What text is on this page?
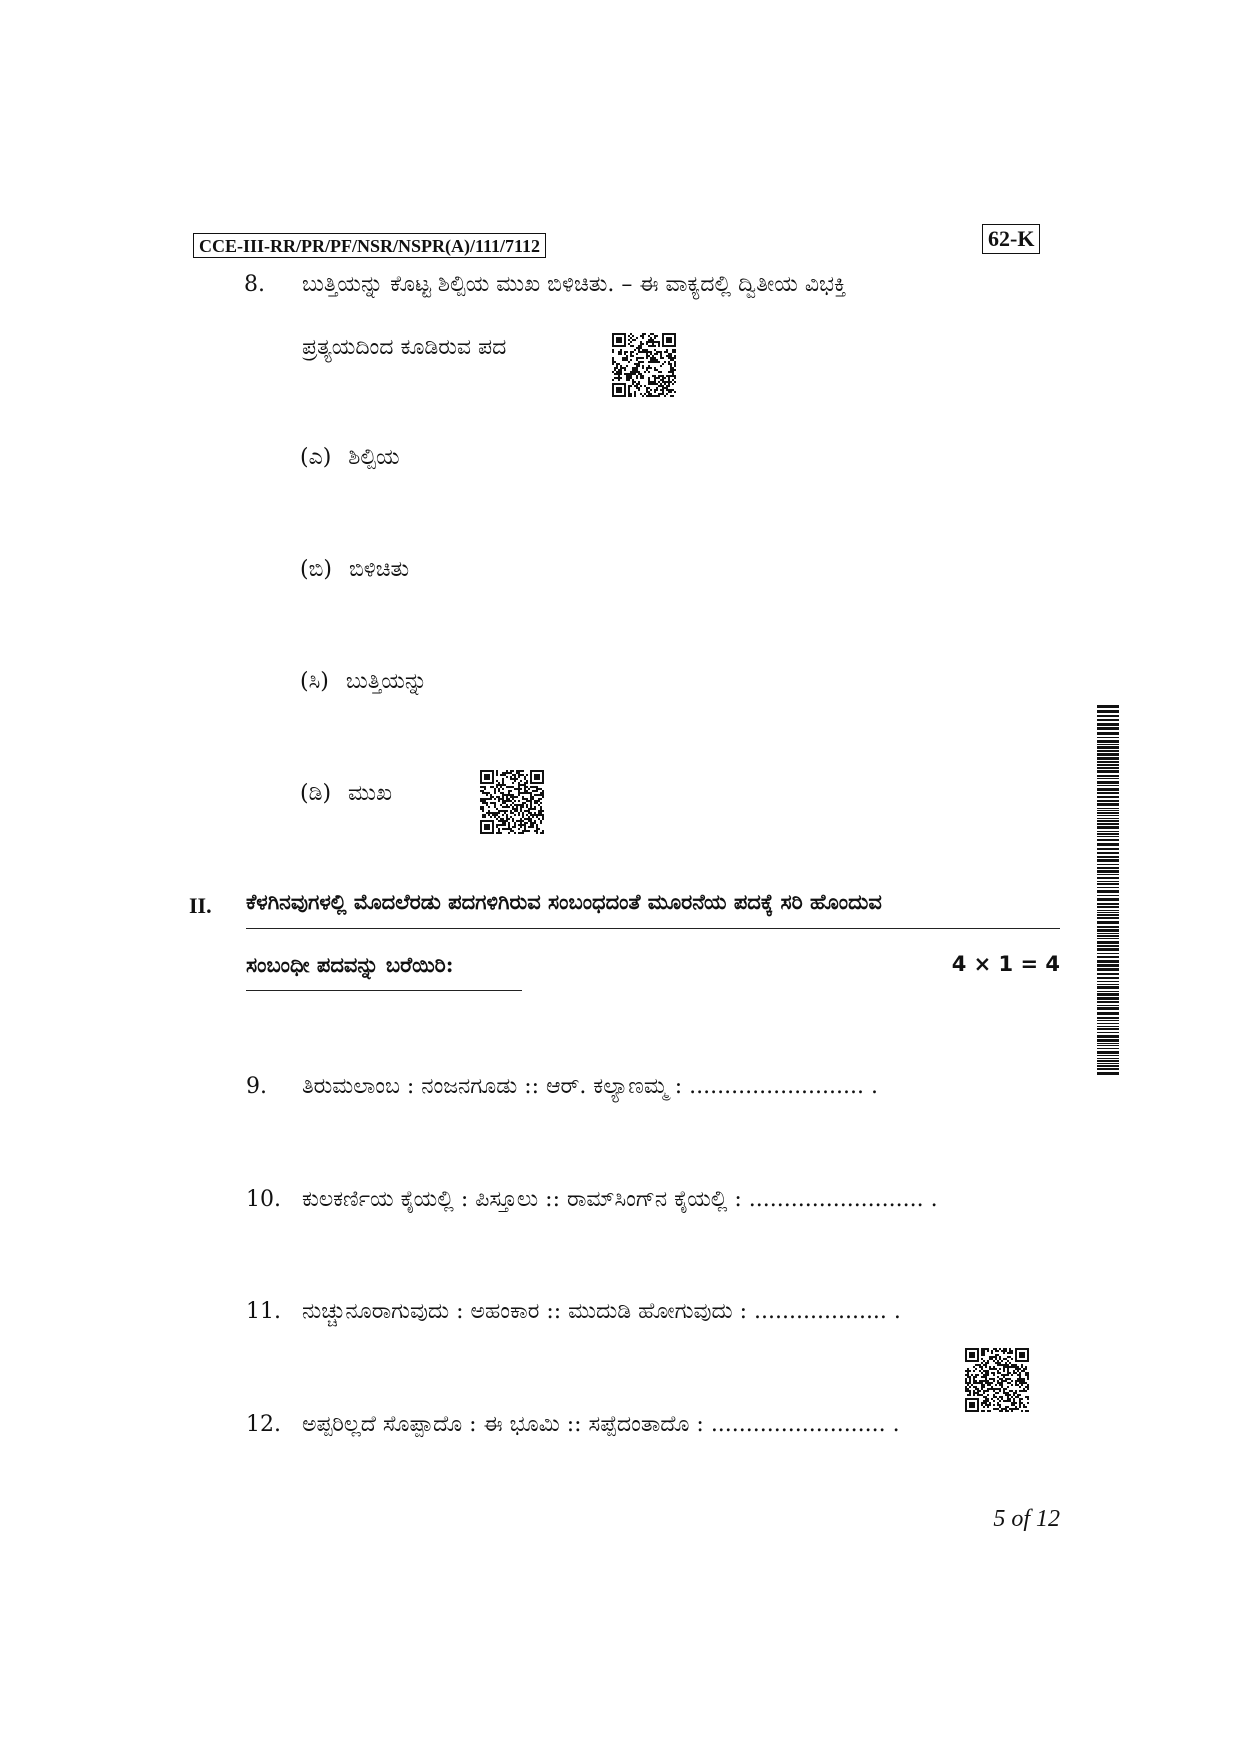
CCE-III-RR/PR/PF/NSR/NSPR(A)/111/7112	62-K
8. ಬುತ್ತಿಯನ್ನು ಕೊಟ್ಟ ಶಿಲ್ಪಿಯ ಮುಖ ಬಿಳಿಚಿತು. – ಈ ವಾಕ್ಯದಲ್ಲಿ ದ್ವಿತೀಯ ವಿಭಕ್ತಿ
ಪ್ರತ್ಯಯದಿಂದ ಕೂಡಿರುವ ಪದ
(ಎ) ಶಿಲ್ಪಿಯ
(ಬಿ) ಬಿಳಿಚಿತು
(ಸಿ) ಬುತ್ತಿಯನ್ನು
(ಡಿ) ಮುಖ
II. ಕೆಳಗಿನವುಗಳಲ್ಲಿ ಮೊದಲೆರಡು ಪದಗಳಿಗಿರುವ ಸಂಬಂಧದಂತೆ ಮೂರನೆಯ ಪದಕ್ಕೆ ಸರಿ ಹೊಂದುವ
ಸಂಬಂಧೀ ಪದವನ್ನು ಬರೆಯಿರಿ:	4 × 1 = 4
9. ತಿರುಮಲಾಂಬ : ನಂಜನಗೂಡು :: ಆರ್. ಕಲ್ಯಾಣಮ್ಮ : ......................... .
10. ಕುಲಕರ್ಣಿಯ ಕೈಯಲ್ಲಿ : ಪಿಸ್ತೂಲು :: ರಾಮ್‌ಸಿಂಗ್‌ನ ಕೈಯಲ್ಲಿ : ......................... .
11. ನುಚ್ಚುನೂರಾಗುವುದು : ಅಹಂಕಾರ :: ಮುದುಡಿ ಹೋಗುವುದು : ................... .
12. ಅಪ್ಪರಿಲ್ಲದೆ ಸೊಪ್ಪಾದೊ : ಈ ಭೂಮಿ :: ಸಪ್ಪೆದಂತಾದೊ : ......................... .
5 of 12
